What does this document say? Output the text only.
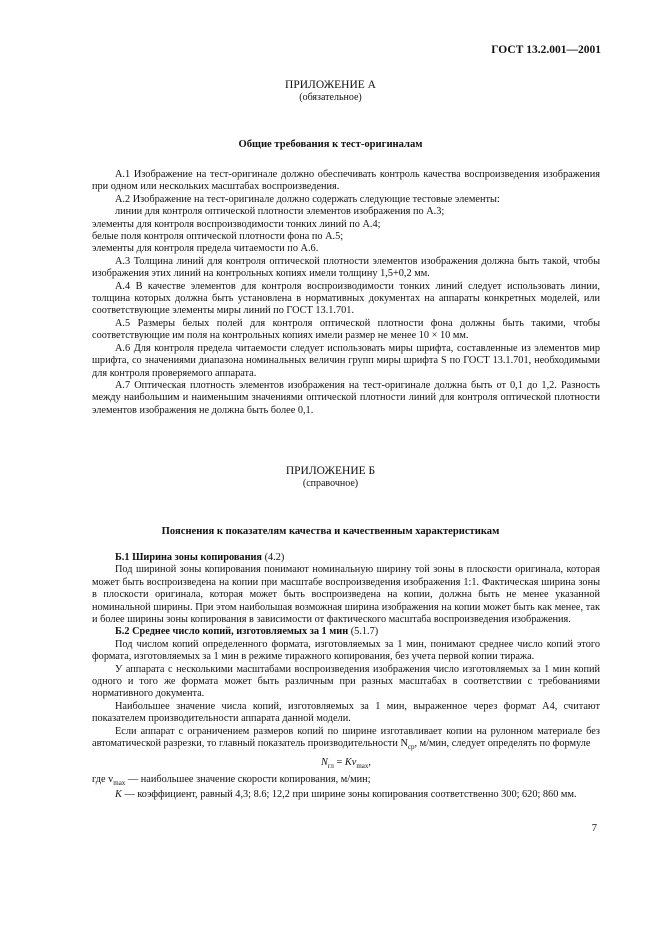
ГОСТ 13.2.001—2001
ПРИЛОЖЕНИЕ А
(обязательное)
Общие требования к тест-оригиналам
А.1 Изображение на тест-оригинале должно обеспечивать контроль качества воспроизведения изображения при одном или нескольких масштабах воспроизведения.
А.2 Изображение на тест-оригинале должно содержать следующие тестовые элементы:
линии для контроля оптической плотности элементов изображения по А.3;
элементы для контроля воспроизводимости тонких линий по А.4;
белые поля контроля оптической плотности фона по А.5;
элементы для контроля предела читаемости по А.6.
А.3 Толщина линий для контроля оптической плотности элементов изображения должна быть такой, чтобы изображения этих линий на контрольных копиях имели толщину 1,5+0,2 мм.
А.4 В качестве элементов для контроля воспроизводимости тонких линий следует использовать линии, толщина которых должна быть установлена в нормативных документах на аппараты конкретных моделей, или соответствующие элементы миры линий по ГОСТ 13.1.701.
А.5 Размеры белых полей для контроля оптической плотности фона должны быть такими, чтобы соответствующие им поля на контрольных копиях имели размер не менее 10 × 10 мм.
А.6 Для контроля предела читаемости следует использовать миры шрифта, составленные из элементов мир шрифта, со значениями диапазона номинальных величин групп миры шрифта S по ГОСТ 13.1.701, необходимыми для контроля проверяемого аппарата.
А.7 Оптическая плотность элементов изображения на тест-оригинале должна быть от 0,1 до 1,2. Разность между наибольшим и наименьшим значениями оптической плотности линий для контроля оптической плотности элементов изображения не должна быть более 0,1.
ПРИЛОЖЕНИЕ Б
(справочное)
Пояснения к показателям качества и качественным характеристикам
Б.1 Ширина зоны копирования (4.2)
Под шириной зоны копирования понимают номинальную ширину той зоны в плоскости оригинала, которая может быть воспроизведена на копии при масштабе воспроизведения изображения 1:1. Фактическая ширина зоны в плоскости оригинала, которая может быть воспроизведена на копии, должна быть не менее указанной номинальной ширины. При этом наибольшая возможная ширина изображения на копии может быть как менее, так и более ширины зоны копирования в зависимости от фактического масштаба воспроизведения изображения.
Б.2 Среднее число копий, изготовляемых за 1 мин (5.1.7)
Под числом копий определенного формата, изготовляемых за 1 мин, понимают среднее число копий этого формата, изготовляемых за 1 мин в режиме тиражного копирования, без учета первой копии тиража.
У аппарата с несколькими масштабами воспроизведения изображения число изготовляемых за 1 мин копий одного и того же формата может быть различным при разных масштабах в соответствии с требованиями нормативного документа.
Наибольшее значение числа копий, изготовляемых за 1 мин, выраженное через формат А4, считают показателем производительности аппарата данной модели.
Если аппарат с ограничением размеров копий по ширине изготавливает копии на рулонном материале без автоматической разрезки, то главный показатель производительности $N_{ср}$, м/мин, следует определять по формуле
$N_{гл} = Kv_{max}$,
где $v_{max}$ — наибольшее значение скорости копирования, м/мин;
K — коэффициент, равный 4,3; 8.6; 12,2 при ширине зоны копирования соответственно 300; 620; 860 мм.
7
